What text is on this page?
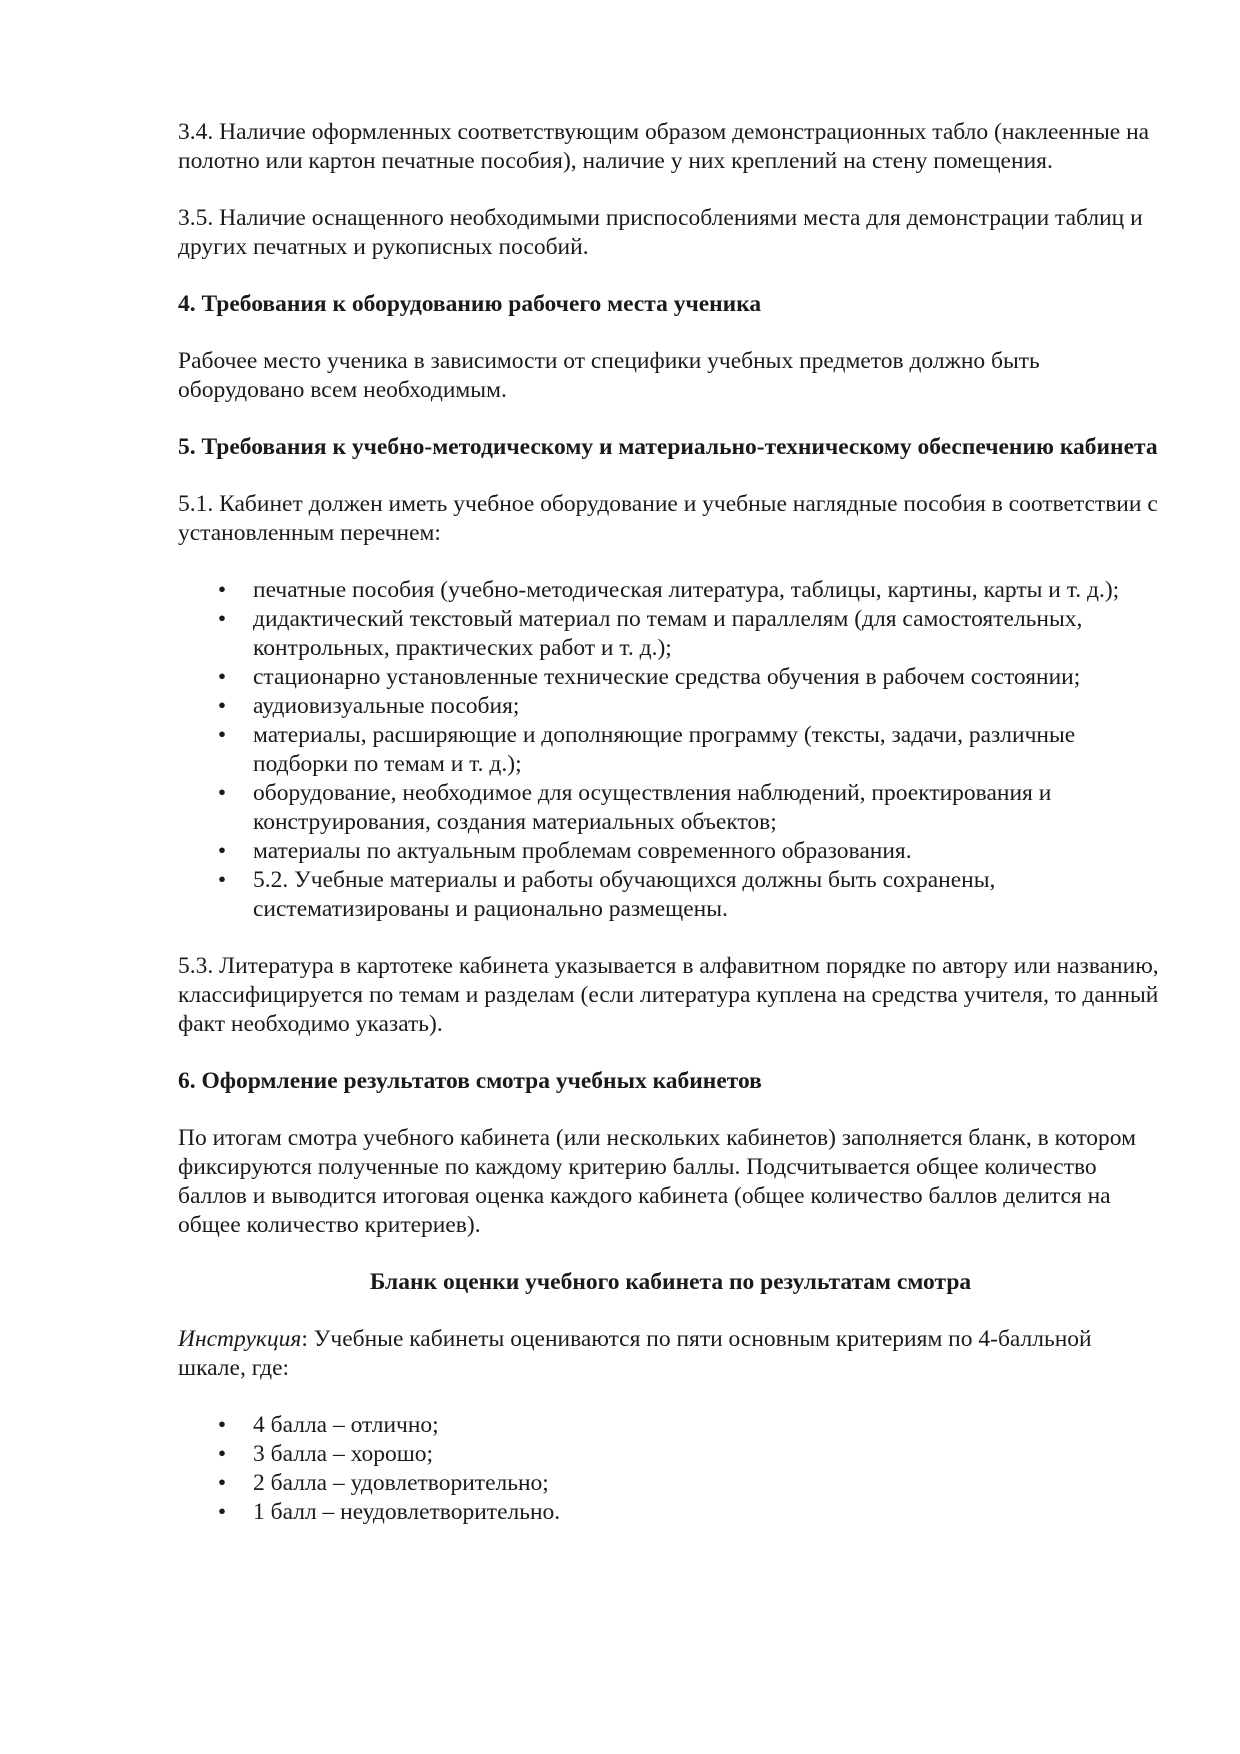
3.4. Наличие оформленных соответствующим образом демонстрационных табло (наклеенные на полотно или картон печатные пособия), наличие у них креплений на стену помещения.

3.5. Наличие оснащенного необходимыми приспособлениями места для демонстрации таблиц и других печатных и рукописных пособий.

4. Требования к оборудованию рабочего места ученика

Рабочее место ученика в зависимости от специфики учебных предметов должно быть оборудовано всем необходимым.

5. Требования к учебно-методическому и материально-техническому обеспечению кабинета

5.1. Кабинет должен иметь учебное оборудование и учебные наглядные пособия в соответствии с установленным перечнем:

• печатные пособия (учебно-методическая литература, таблицы, картины, карты и т. д.);
• дидактический текстовый материал по темам и параллелям (для самостоятельных, контрольных, практических работ и т. д.);
• стационарно установленные технические средства обучения в рабочем состоянии;
• аудиовизуальные пособия;
• материалы, расширяющие и дополняющие программу (тексты, задачи, различные подборки по темам и т. д.);
• оборудование, необходимое для осуществления наблюдений, проектирования и конструирования, создания материальных объектов;
• материалы по актуальным проблемам современного образования.
• 5.2. Учебные материалы и работы обучающихся должны быть сохранены, систематизированы и рационально размещены.

5.3. Литература в картотеке кабинета указывается в алфавитном порядке по автору или названию, классифицируется по темам и разделам (если литература куплена на средства учителя, то данный факт необходимо указать).

6. Оформление результатов смотра учебных кабинетов

По итогам смотра учебного кабинета (или нескольких кабинетов) заполняется бланк, в котором фиксируются полученные по каждому критерию баллы. Подсчитывается общее количество баллов и выводится итоговая оценка каждого кабинета (общее количество баллов делится на общее количество критериев).

Бланк оценки учебного кабинета по результатам смотра

Инструкция: Учебные кабинеты оцениваются по пяти основным критериям по 4-балльной шкале, где:

• 4 балла – отлично;
• 3 балла – хорошо;
• 2 балла – удовлетворительно;
• 1 балл – неудовлетворительно.
